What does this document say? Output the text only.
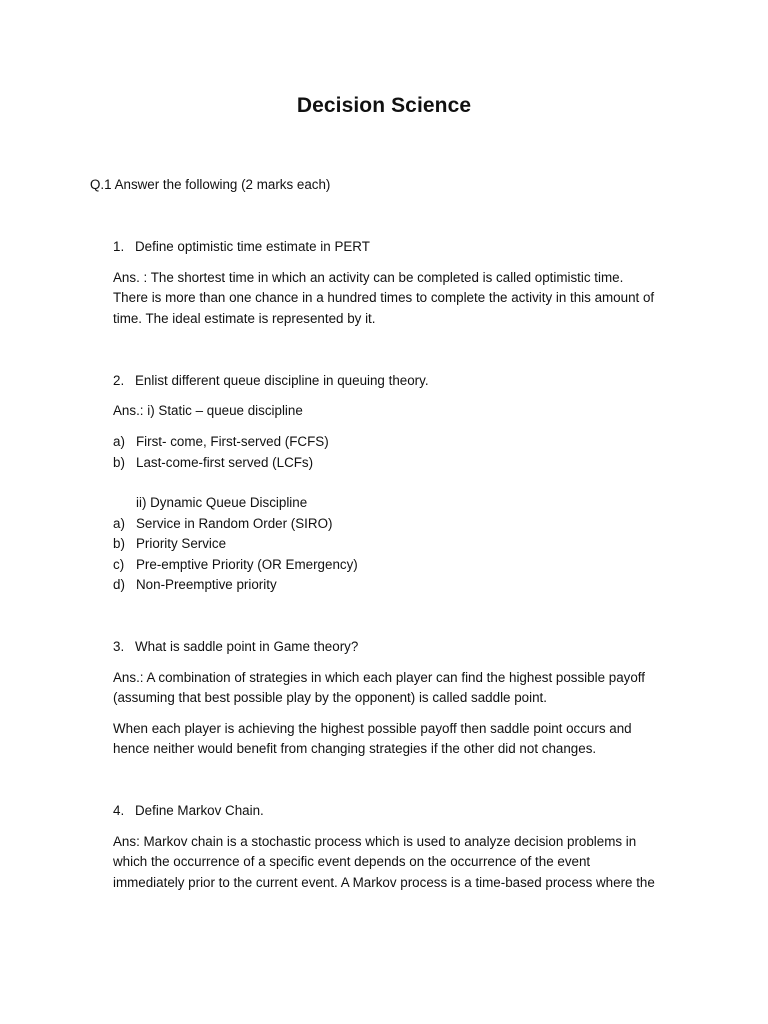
Decision Science
Q.1 Answer the following (2 marks each)
1. Define optimistic time estimate in PERT
Ans. : The shortest time in which an activity can be completed is called optimistic time.
There is more than one chance in a hundred times to complete the activity in this amount of
time. The ideal estimate is represented by it.
2. Enlist different queue discipline in queuing theory.
Ans.: i) Static – queue discipline
a) First- come, First-served (FCFS)
b) Last-come-first served (LCFs)
ii) Dynamic Queue Discipline
a) Service in Random Order (SIRO)
b) Priority Service
c) Pre-emptive Priority (OR Emergency)
d) Non-Preemptive priority
3. What is saddle point in Game theory?
Ans.: A combination of strategies in which each player can find the highest possible payoff
(assuming that best possible play by the opponent) is called saddle point.
When each player is achieving the highest possible payoff then saddle point occurs and
hence neither would benefit from changing strategies if the other did not changes.
4. Define Markov Chain.
Ans: Markov chain is a stochastic process which is used to analyze decision problems in
which the occurrence of a specific event depends on the occurrence of the event
immediately prior to the current event. A Markov process is a time-based process where the
